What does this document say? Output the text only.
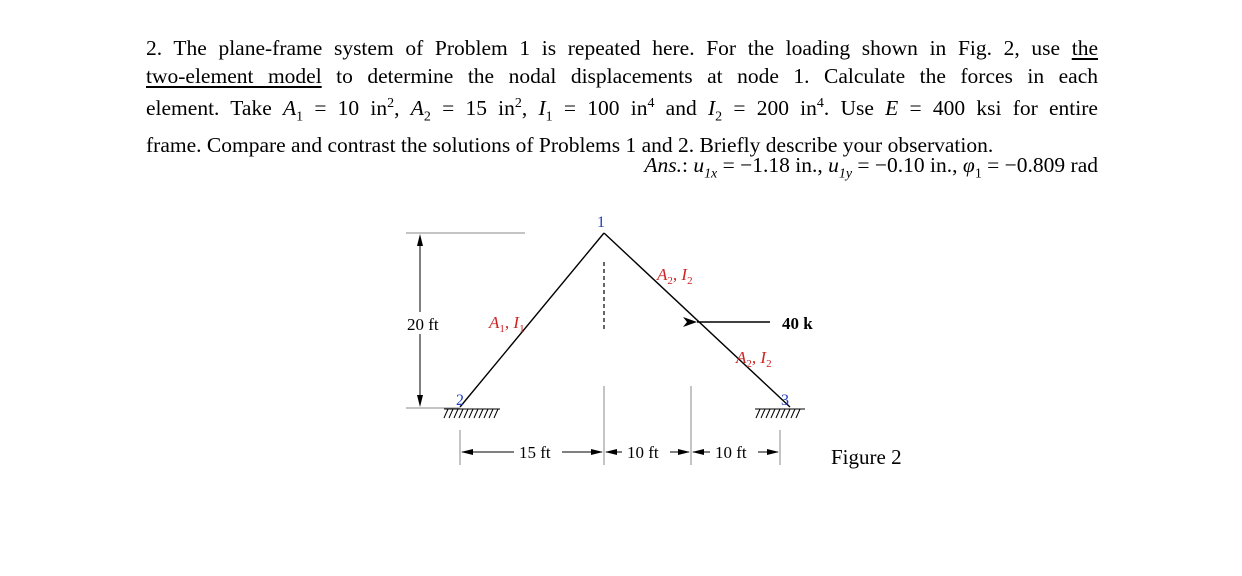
2. The plane-frame system of Problem 1 is repeated here. For the loading shown in Fig. 2, use the
two-element model to determine the nodal displacements at node 1. Calculate the forces in each
element. Take $A_1 = 10$ $in^2$, $A_2 = 15$ $in^2$, $I_1 = 100$ $in^4$ and $I_2 = 200$ $in^4$. Use E = 400 ksi for entire
frame. Compare and contrast the solutions of Problems 1 and 2. Briefly describe your observation.
Ans.: $u_{1x} = -1.18$ in., $u_{1y} = -0.10$ in., $\varphi_1 = -0.809$ rad
20 ft
1
2	3
$A_1$, $I_1$
$A_2$, $I_2$
$A_2$, $I_2$
40 k
15 ft	10 ft	10 ft	Figure 2
